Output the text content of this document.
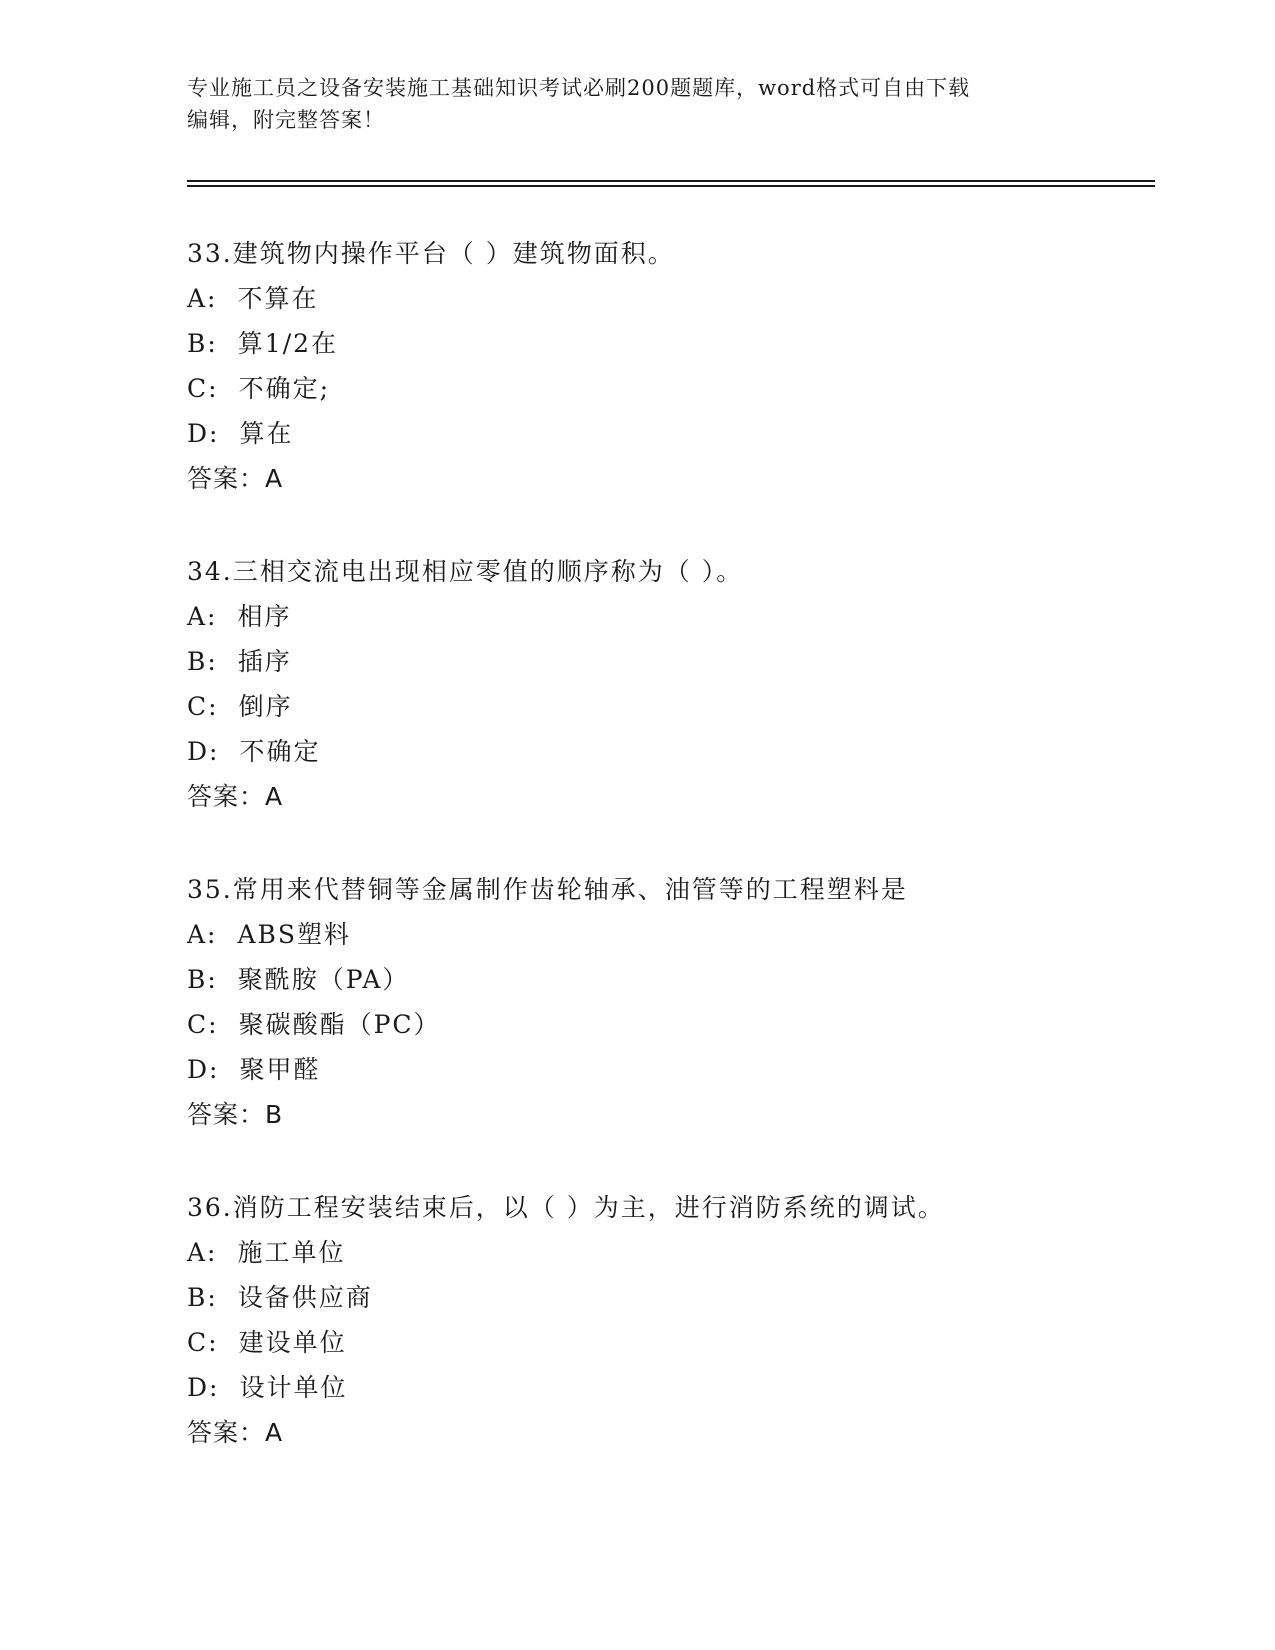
专业施工员之设备安装施工基础知识考试必刷200题题库，word格式可自由下载
编辑，附完整答案！
33.建筑物内操作平台（ ）建筑物面积。
A: 不算在
B: 算1/2在
C: 不确定;
D: 算在
答案：A
34.三相交流电出现相应零值的顺序称为（ ）。
A: 相序
B: 插序
C: 倒序
D: 不确定
答案：A
35.常用来代替铜等金属制作齿轮轴承、油管等的工程塑料是
A: ABS塑料
B: 聚酰胺（PA）
C: 聚碳酸酯（PC）
D: 聚甲醛
答案：B
36.消防工程安装结束后，以（ ）为主，进行消防系统的调试。
A: 施工单位
B: 设备供应商
C: 建设单位
D: 设计单位
答案：A
